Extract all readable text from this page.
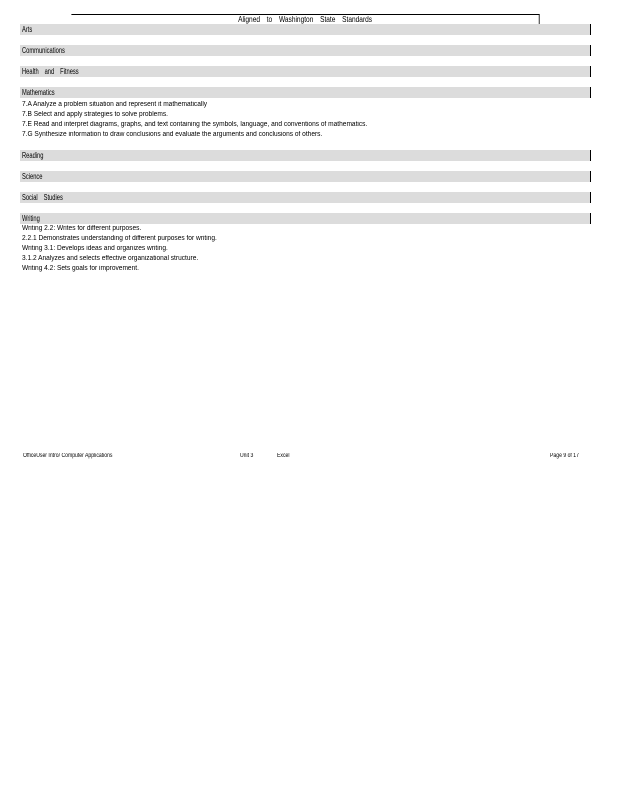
Aligned to Washington State Standards
Arts
Communications
Health and Fitness
Mathematics
7.A Analyze a problem situation and represent it mathematically
7.B Select and apply strategies to solve problems.
7.E Read and interpret diagrams, graphs, and text containing the symbols, language, and conventions of mathematics.
7.G Synthesize information to draw conclusions and evaluate the arguments and conclusions of others.
Reading
Science
Social Studies
Writing
Writing 2.2: Writes for different purposes.
2.2.1 Demonstrates understanding of different purposes for writing.
Writing 3.1: Develops ideas and organizes writing.
3.1.2 Analyzes and selects effective organizational structure.
Writing 4.2: Sets goals for improvement.
OfficeUser Intro/ Computer Applications	Unit 3	Excel	Page 9 of 17
